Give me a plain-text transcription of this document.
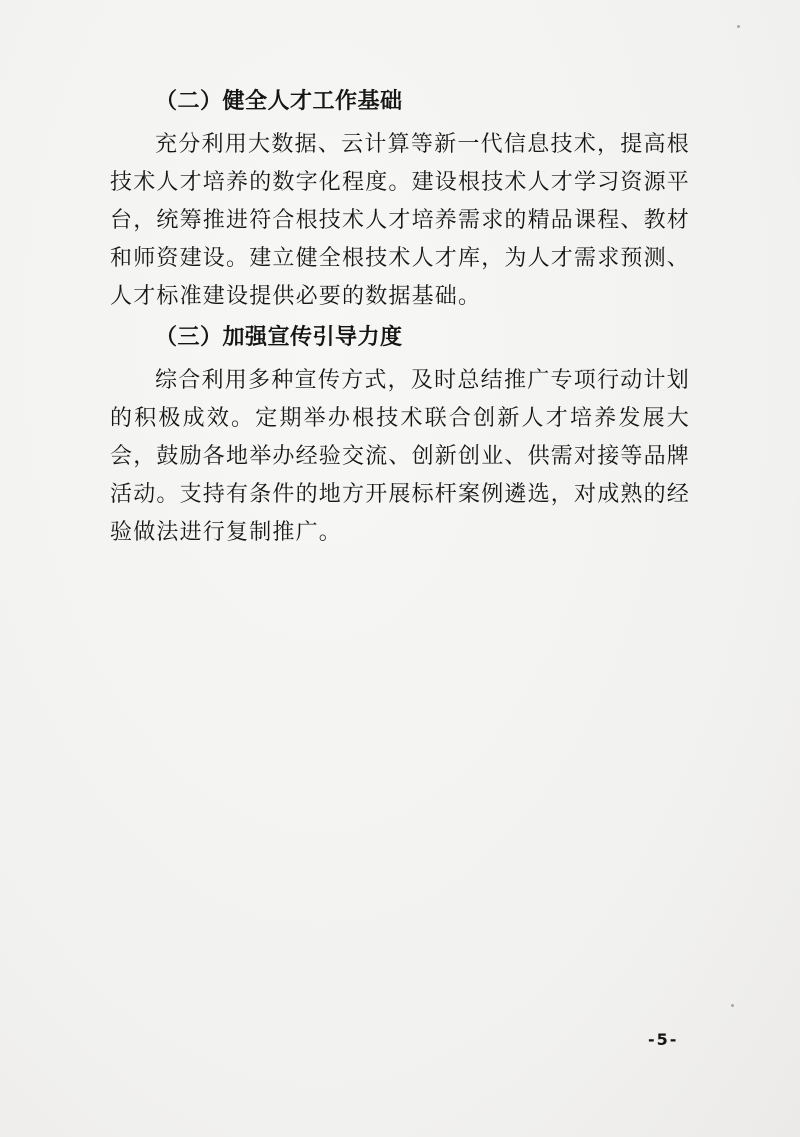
（二）健全人才工作基础

充分利用大数据、云计算等新一代信息技术，提高根技术人才培养的数字化程度。建设根技术人才学习资源平台，统筹推进符合根技术人才培养需求的精品课程、教材和师资建设。建立健全根技术人才库，为人才需求预测、人才标准建设提供必要的数据基础。

（三）加强宣传引导力度

综合利用多种宣传方式，及时总结推广专项行动计划的积极成效。定期举办根技术联合创新人才培养发展大会，鼓励各地举办经验交流、创新创业、供需对接等品牌活动。支持有条件的地方开展标杆案例遴选，对成熟的经验做法进行复制推广。

-5-
